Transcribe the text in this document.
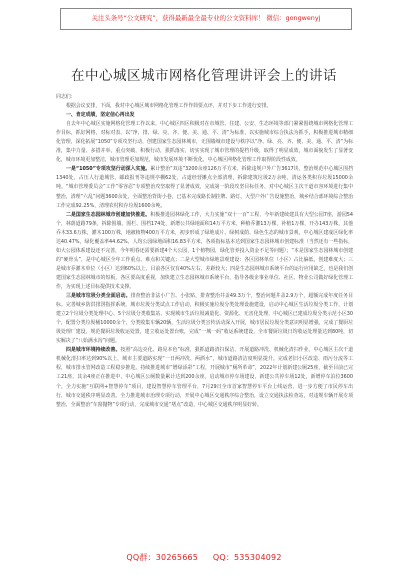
关注头条号“公文研究”，获得最新最全最专业的公文资料库！ 微信：gongwenyj
在中心城区城市网格化管理讲评会上的讲话

同志们：

根据会议安排，下面，我对中心城区城市网格化管理工作作简要点评，并对下步工作进行安排。

一、肯定成绩，坚定信心再出发

自去年中心城区实施网格化管理工作以来，中心城区四区积极对在市城管、住建、公安、生态环境等部门紧紧围绕城市网格化管理工作目标，抓好网格，对标对表，以“净、排、绿、亮、齐、便、美、通、平、清”为标准，以实施城市综合执法为抓手，积极推进城市精细化管理，深化拓展“1050”专项攻坚行动，创建国家生态园林城市，无围墙城市建设与秩序以“净、绿、亮、齐、便、美、通、平、清”为标准，集中力量、多措并举，重点突破，积极行动，狠抓落实，切实实现了城市管理的提档升级，取得了明显成效，城市面貌发生了显著变化，城市环境更加整洁，城市管理更加规范，城市发展环境不断优化，中心城区网格化管理工作取得阶段性成效。

一是“1050”专项攻坚行动深入实施。累计整治“双违”3200余座126万平方米，拆除违规户外广告3617块，整治规范中心城区围挡1340处，占压人行道城管、邮政报刊等违规亭棚62处，占道经营摊点全部清理，拆除建筑垃圾2万余吨，清运各类积存垃圾15000余吨。“城市管理委员会”工作“零容忍”专项整治攻坚取得了显著成效，完成第一阶段攻坚目标任务，对中心城区主次干道市容环境进行集中整治，清理“六乱”问题3600余处，全面整治背街小巷，已基本完成路长制挂牌、路灯、大型户外广告设施整治，城乡结合部环境综合整治工作完成92.25%，清理农村积存垃圾1600余吨。

二是国家生态园林城市创建加快推进。积极推进园林绿化工作，大力实施“双十一百”工程，今年新建续建具有大型公园7座，游园54个，林荫道路79条，拆除围墙、围栏、围档174处，新增公共绿地面积14万平方米，种植乔灌13万棵，补植1万棵，开办143万株，其他乔木33.6万株，灌木100万株，地被植物400万平方米，初步形成了绿地成片、绿树成荫、绿色生态的城市景观，中心城区建成区绿化率达40.47%，绿化覆盖率44.62%，人均公园绿地面积16.83平方米，各项指标基本达到国家生态园林城市创建标准（当然还有一些指标，如大公园体系建设还不完善，今年明春还需要新建4个大公园，1个植物园，绿化管养投入资金不足等问题）；“本是国家生态园林城市创建的“硬骨头”，是中心城区全年工作重点、难点和关键点；二是大型城市绿地景观建设：各区园林单位（小区）占比偏低，创建难度大；三是城市乔灌木单位（小区）达到60%以上，目前各区仅有40%左右，差距较大；四是生态园林城市系统平台的运行应用缺乏，也是我们创建国家生态园林城市的短板，各区要高度重视，加快建立生态园林城市系统平台，指导各级企事业单位、社区、物业公司做好绿化管理工作，为实现上述目标提供技术支撑。

三是城市垃圾分类全面启动。排查整治非法小广告、小张贴，排查整治井盖49.3万个，整治问题井盖2.9万个，超额完成年度任务目标。完善城乡防洪排涝指挥系统，城市垃圾分类试点工作启动，积极实施垃圾分类处理设施建设，启动中心城区生活垃圾分类工作，计划建立2个垃圾分类处理中心、5个垃圾分类收集站，实现城市生活垃圾减量化、资源化、无害化处理，中心城区已建成垃圾分类示范小区30个，配置分类垃圾桶10000余个，分类收集车辆20辆，生活垃圾分类宣传活动深入开展，城市居民垃圾分类意识明显增强，完成了餐厨垃圾处理厂建设，规范餐厨垃圾收运处置，建立收运处置台账，完成“一城一码”收运系统建设，全市餐厨垃圾日均收运处理量达到80吨，切实解决了“八始满水沟”问题。

四是城市环境持续改善。按照“高边亮化、路见本色”标准，狠抓道路清扫保洁，开展道路冲洗、机械化清扫作业，中心城区主次干道机械化清扫率达到90%以上，城市主要道路实现“一日两冲洗、两洒水”，城市道路清洁度明显提升。完成老旧小区改造、雨污分流等工程，城市排水管网改造工程稳步推进。持续推进城市“增绿添彩”工程，开展城市“厕所革命”，2022年计划新建公厕25座，截至目前已完工21座，其余4座正在推进中，中心城区公厕数量累计达到200余座。启动城市停车场建设，新建公共停车场12处，新增停车泊位3600个，全力实施“互联网+智慧停车”项目，建设智慧停车管理平台，7月29日全市首家智慧停车平台上线运营，进一步方便了市民停车出行，城市交通秩序明显改善。全力推进城市治理专项行动，开展中心城区交通秩序综合整治，设立交通执法检查站，对违规车辆开展专项整治，全面整治“车窗抛物”专项行动，完成城市交通“堵点”改造，中心城区交通秩序明显好转。

QQ群：30265665 QQ：535304092
